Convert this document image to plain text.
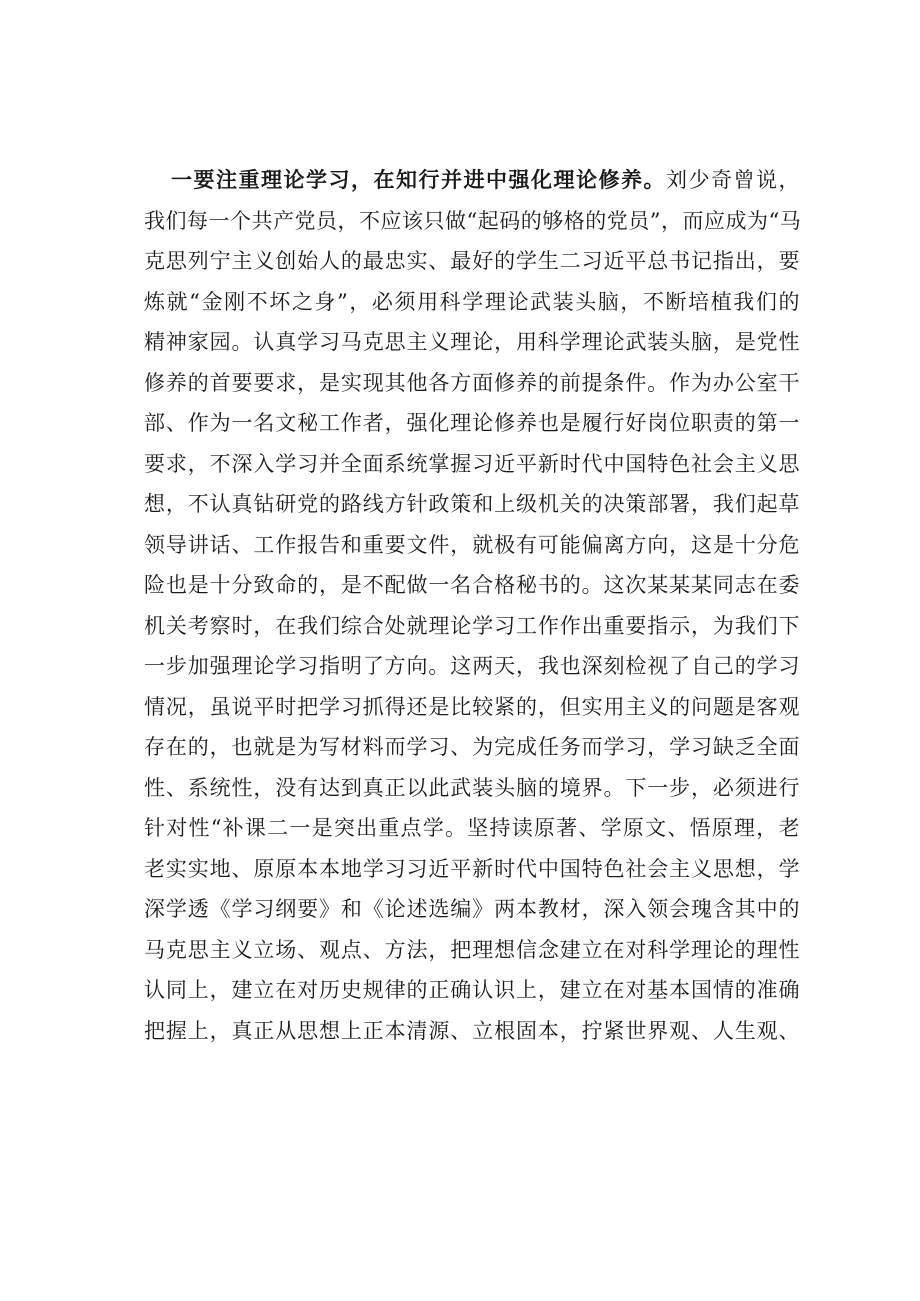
一要注重理论学习，在知行并进中强化理论修养。刘少奇曾说，
我们每一个共产党员，不应该只做“起码的够格的党员”，而应成为“马
克思列宁主义创始人的最忠实、最好的学生二习近平总书记指出，要
炼就“金刚不坏之身”，必须用科学理论武装头脑，不断培植我们的
精神家园。认真学习马克思主义理论，用科学理论武装头脑，是党性
修养的首要要求，是实现其他各方面修养的前提条件。作为办公室干
部、作为一名文秘工作者，强化理论修养也是履行好岗位职责的第一
要求，不深入学习并全面系统掌握习近平新时代中国特色社会主义思
想，不认真钻研党的路线方针政策和上级机关的决策部署，我们起草
领导讲话、工作报告和重要文件，就极有可能偏离方向，这是十分危
险也是十分致命的，是不配做一名合格秘书的。这次某某某同志在委
机关考察时，在我们综合处就理论学习工作作出重要指示，为我们下
一步加强理论学习指明了方向。这两天，我也深刻检视了自己的学习
情况，虽说平时把学习抓得还是比较紧的，但实用主义的问题是客观
存在的，也就是为写材料而学习、为完成任务而学习，学习缺乏全面
性、系统性，没有达到真正以此武装头脑的境界。下一步，必须进行
针对性“补课二一是突出重点学。坚持读原著、学原文、悟原理，老
老实实地、原原本本地学习习近平新时代中国特色社会主义思想，学
深学透《学习纲要》和《论述选编》两本教材，深入领会瑰含其中的
马克思主义立场、观点、方法，把理想信念建立在对科学理论的理性
认同上，建立在对历史规律的正确认识上，建立在对基本国情的准确
把握上，真正从思想上正本清源、立根固本，拧紧世界观、人生观、
